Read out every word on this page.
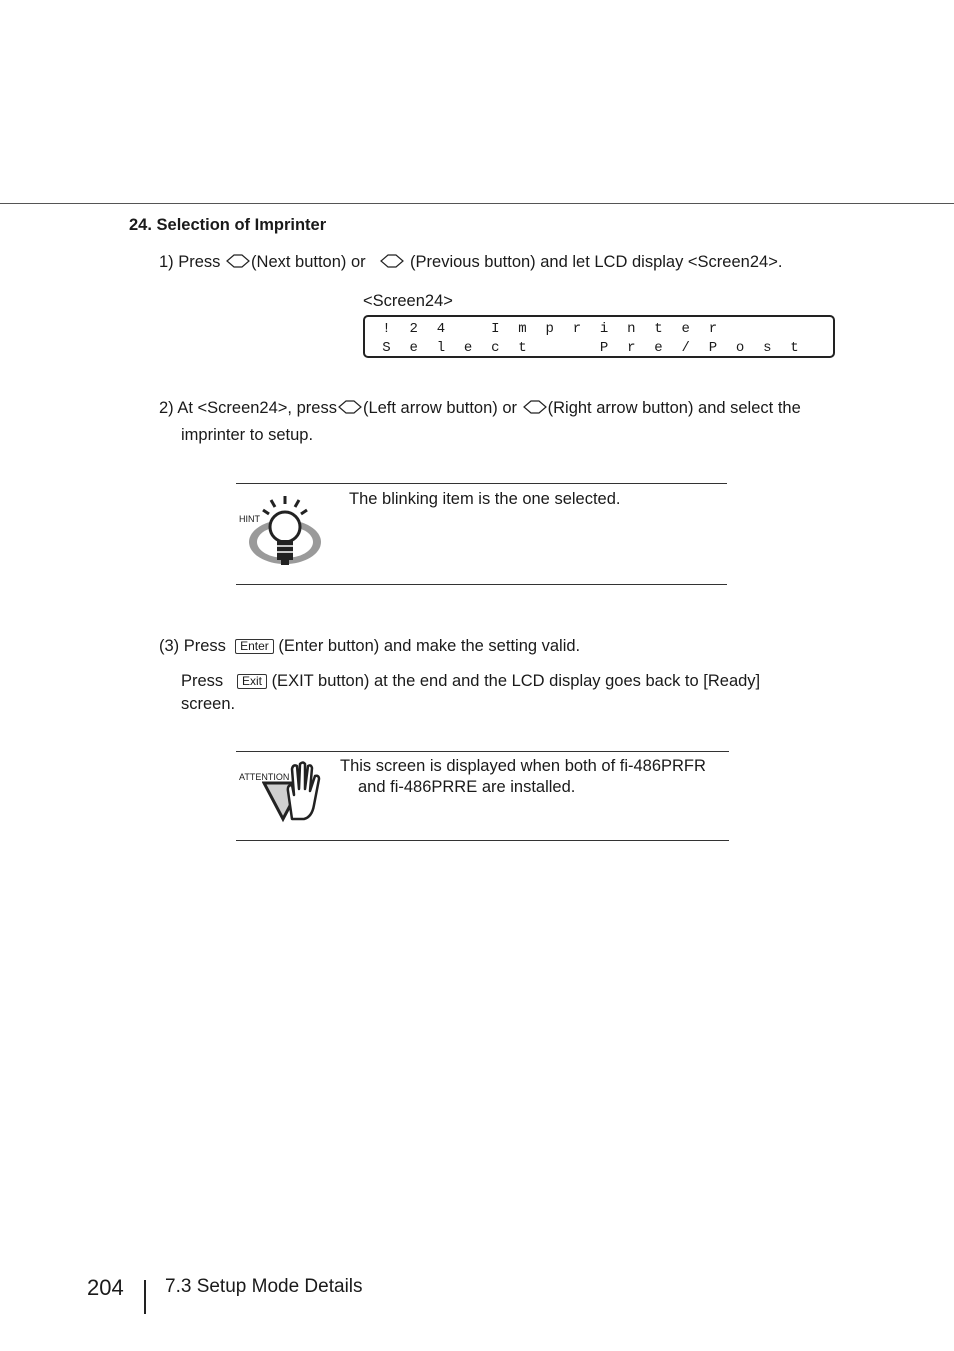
24. Selection of Imprinter
1) Press (Next button) or	(Previous button) and let LCD display <Screen24>.
<Screen24>
!	2	4	I	m	p	r	i	n	t	e	r
S	e	l	e	c	t	P	r	e	/	P	o	s	t
2) At <Screen24>, press (Left arrow button) or (Right arrow button) and select the
imprinter to setup.
HINT
The blinking item is the one selected.
(3) Press Enter (Enter button) and make the setting valid.
Press Exit (EXIT button) at the end and the LCD display goes back to [Ready]
screen.
ATTENTION
This screen is displayed when both of fi-486PRFR
and fi-486PRRE are installed.
204 7.3 Setup Mode Details
